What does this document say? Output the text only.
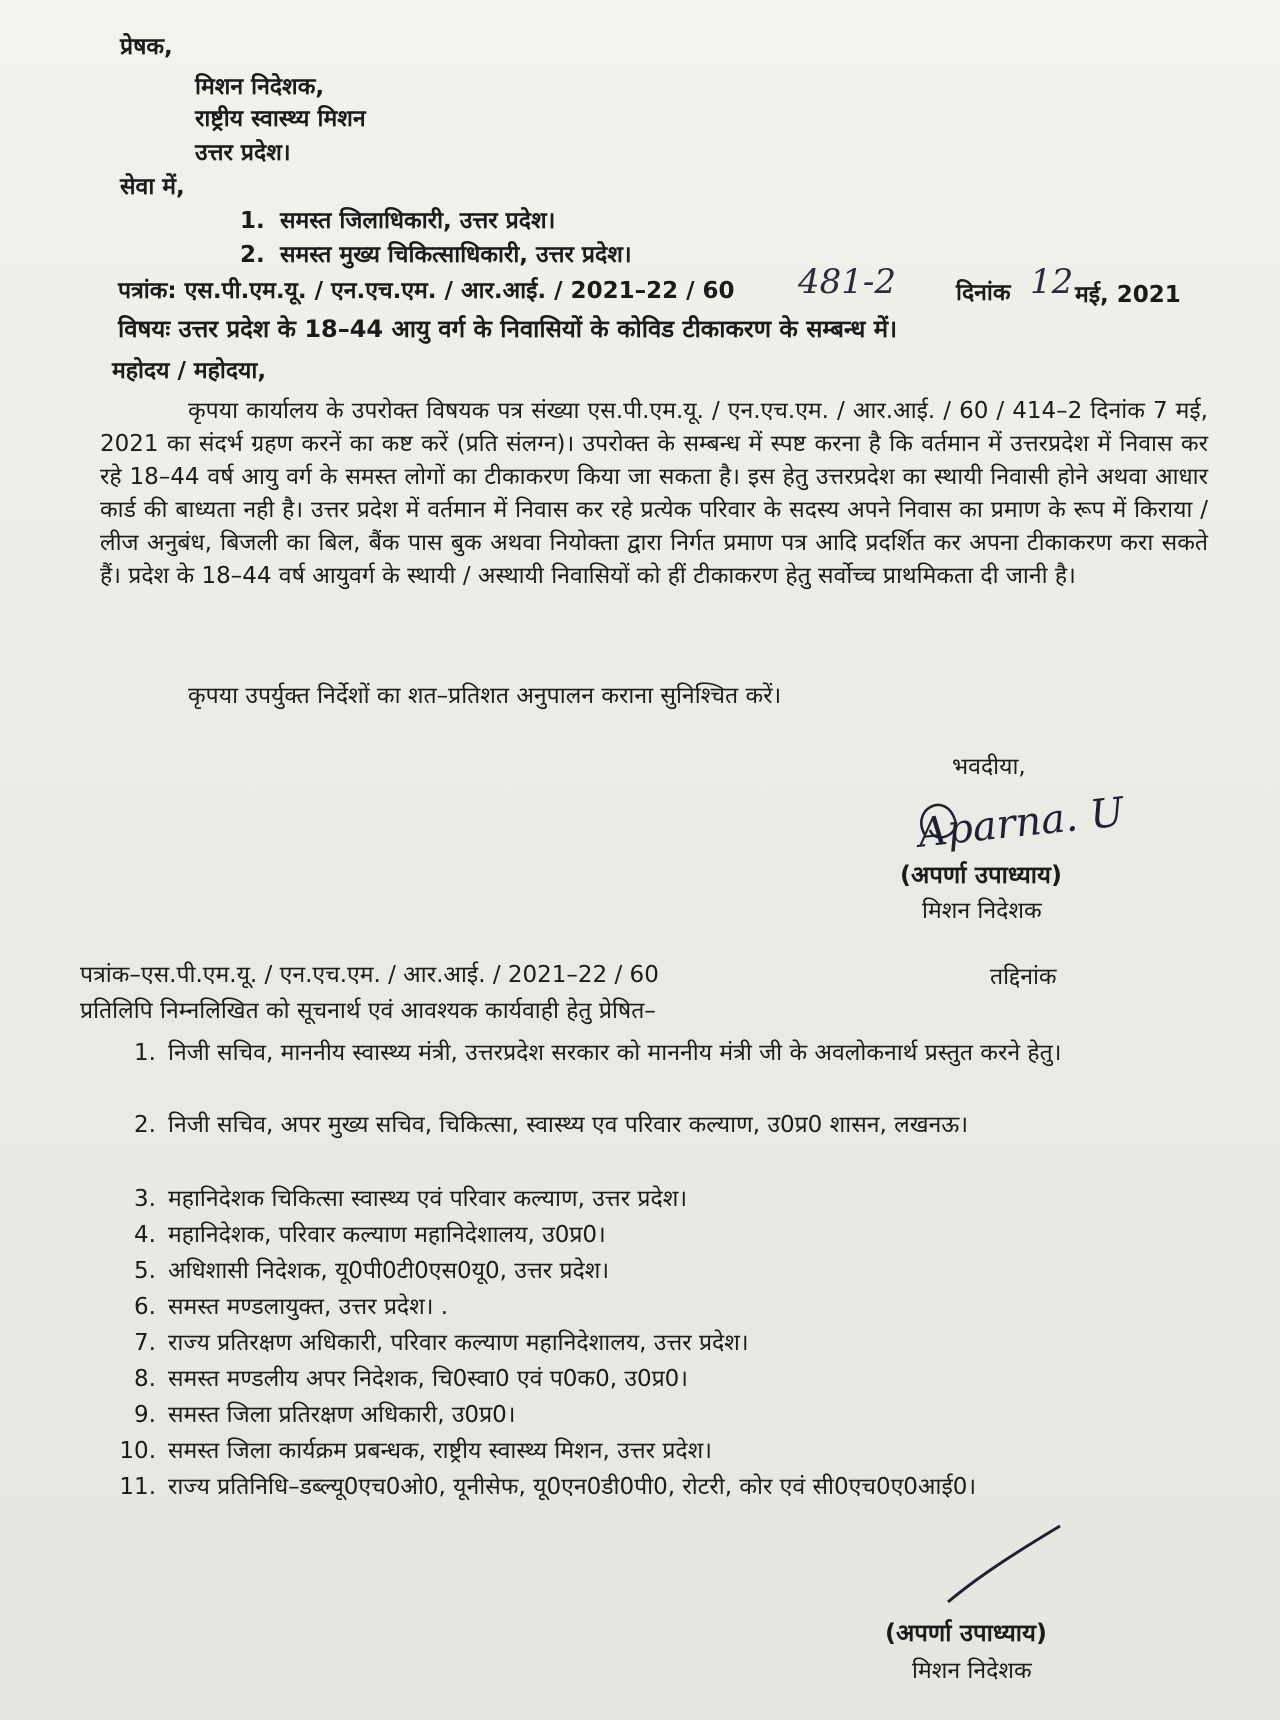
प्रेषक,
मिशन निदेशक,
राष्ट्रीय स्वास्थ्य मिशन
उत्तर प्रदेश।
सेवा में,
1. समस्त जिलाधिकारी, उत्तर प्रदेश।
2. समस्त मुख्य चिकित्साधिकारी, उत्तर प्रदेश।
पत्रांक: एस.पी.एम.यू. / एन.एच.एम. / आर.आई. / 2021–22 / 60 481-2	दिनांक 12 मई, 2021
विषयः उत्तर प्रदेश के 18–44 आयु वर्ग के निवासियों के कोविड टीकाकरण के सम्बन्ध में।
महोदय / महोदया,
कृपया कार्यालय के उपरोक्त विषयक पत्र संख्या एस.पी.एम.यू. / एन.एच.एम. / आर.आई. / 60 / 414–2 दिनांक 7 मई, 2021 का संदर्भ ग्रहण करनें का कष्ट करें (प्रति संलग्न)। उपरोक्त के सम्बन्ध में स्पष्ट करना है कि वर्तमान में उत्तरप्रदेश में निवास कर रहे 18–44 वर्ष आयु वर्ग के समस्त लोगों का टीकाकरण किया जा सकता है। इस हेतु उत्तरप्रदेश का स्थायी निवासी होने अथवा आधार कार्ड की बाध्यता नही है। उत्तर प्रदेश में वर्तमान में निवास कर रहे प्रत्येक परिवार के सदस्य अपने निवास का प्रमाण के रूप में किराया / लीज अनुबंध, बिजली का बिल, बैंक पास बुक अथवा नियोक्ता द्वारा निर्गत प्रमाण पत्र आदि प्रदर्शित कर अपना टीकाकरण करा सकते हैं। प्रदेश के 18–44 वर्ष आयुवर्ग के स्थायी / अस्थायी निवासियों को हीं टीकाकरण हेतु सर्वोच्च प्राथमिकता दी जानी है।
कृपया उपर्युक्त निर्देशों का शत–प्रतिशत अनुपालन कराना सुनिश्चित करें।
भवदीया,
Aparna. U
(अपर्णा उपाध्याय)
मिशन निदेशक
पत्रांक–एस.पी.एम.यू. / एन.एच.एम. / आर.आई. / 2021–22 / 60	तद्दिनांक
प्रतिलिपि निम्नलिखित को सूचनार्थ एवं आवश्यक कार्यवाही हेतु प्रेषित–
1. निजी सचिव, माननीय स्वास्थ्य मंत्री, उत्तरप्रदेश सरकार को माननीय मंत्री जी के अवलोकनार्थ प्रस्तुत करने हेतु।
2. निजी सचिव, अपर मुख्य सचिव, चिकित्सा, स्वास्थ्य एव परिवार कल्याण, उ0प्र0 शासन, लखनऊ।
3. महानिदेशक चिकित्सा स्वास्थ्य एवं परिवार कल्याण, उत्तर प्रदेश।
4. महानिदेशक, परिवार कल्याण महानिदेशालय, उ0प्र0।
5. अधिशासी निदेशक, यू0पी0टी0एस0यू0, उत्तर प्रदेश।
6. समस्त मण्डलायुक्त, उत्तर प्रदेश। .
7. राज्य प्रतिरक्षण अधिकारी, परिवार कल्याण महानिदेशालय, उत्तर प्रदेश।
8. समस्त मण्डलीय अपर निदेशक, चि0स्वा0 एवं प0क0, उ0प्र0।
9. समस्त जिला प्रतिरक्षण अधिकारी, उ0प्र0।
10. समस्त जिला कार्यक्रम प्रबन्धक, राष्ट्रीय स्वास्थ्य मिशन, उत्तर प्रदेश।
11. राज्य प्रतिनिधि–डब्ल्यू0एच0ओ0, यूनीसेफ, यू0एन0डी0पी0, रोटरी, कोर एवं सी0एच0ए0आई0।
(अपर्णा उपाध्याय)
मिशन निदेशक
